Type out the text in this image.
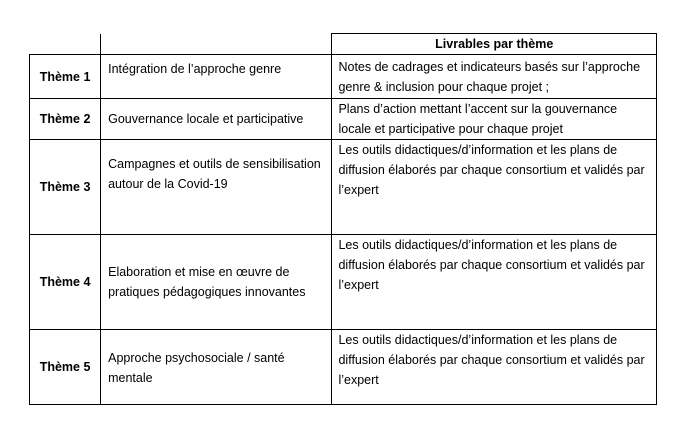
		Livrables par thème
Thème 1	Intégration de l’approche genre	Notes de cadrages et indicateurs basés sur l’approche genre & inclusion pour chaque projet ;
Thème 2	Gouvernance locale et participative	Plans d’action mettant l’accent sur la gouvernance locale et participative pour chaque projet
Thème 3	Campagnes et outils de sensibilisation autour de la Covid-19	Les outils didactiques/d’information et les plans de diffusion élaborés par chaque consortium et validés par l’expert
Thème 4	Elaboration et mise en œuvre de pratiques pédagogiques innovantes	Les outils didactiques/d’information et les plans de diffusion élaborés par chaque consortium et validés par l’expert
Thème 5	Approche psychosociale / santé mentale	Les outils didactiques/d’information et les plans de diffusion élaborés par chaque consortium et validés par l’expert
